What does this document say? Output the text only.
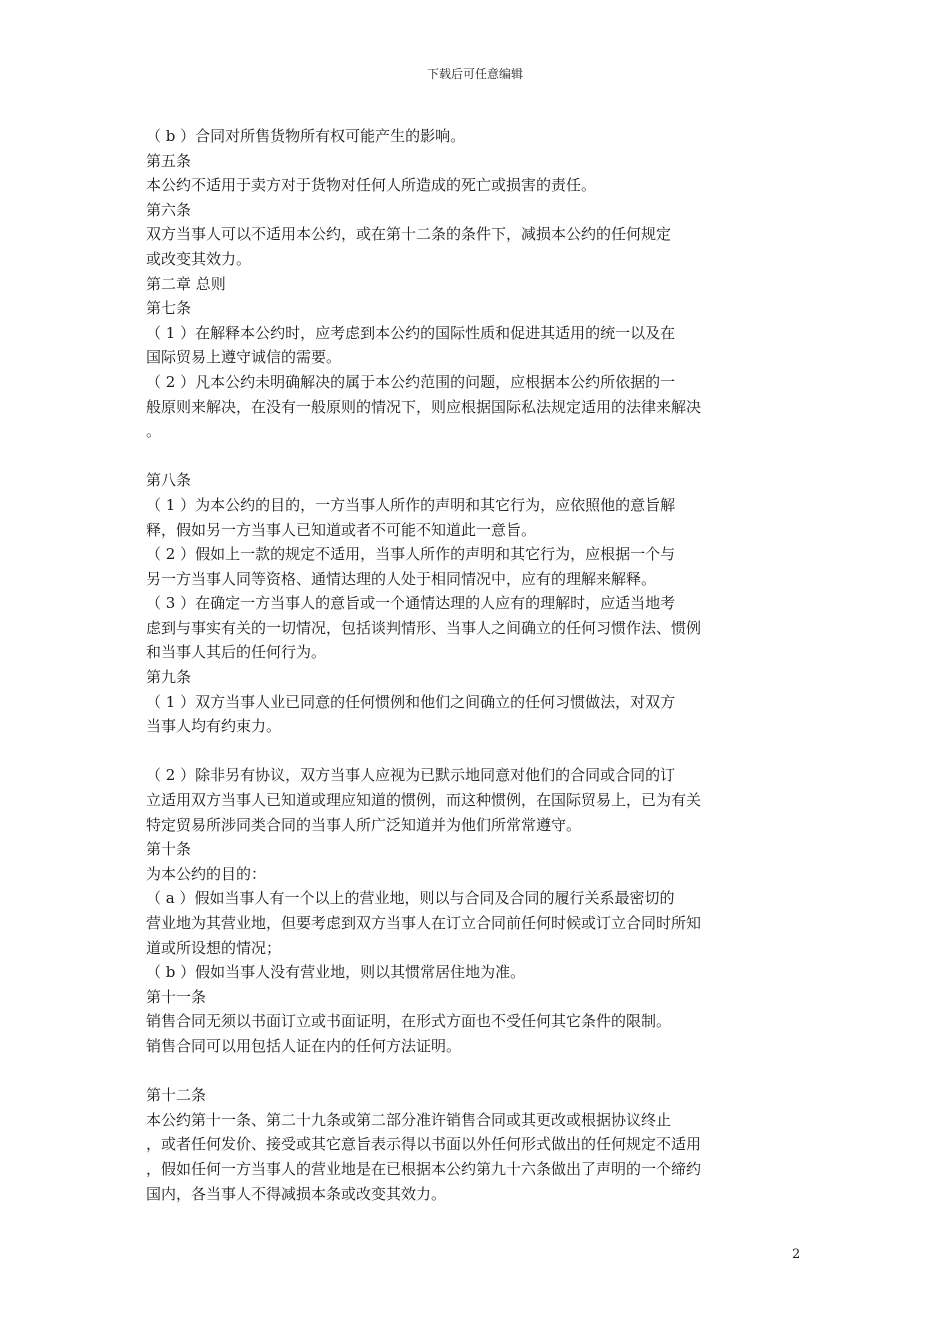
下载后可任意编辑
（ b ）合同对所售货物所有权可能产生的影响。
第五条
本公约不适用于卖方对于货物对任何人所造成的死亡或损害的责任。
第六条
双方当事人可以不适用本公约，或在第十二条的条件下，减损本公约的任何规定
或改变其效力。
第二章 总则
第七条
（ 1 ）在解释本公约时，应考虑到本公约的国际性质和促进其适用的统一以及在
国际贸易上遵守诚信的需要。
（ 2 ）凡本公约未明确解决的属于本公约范围的问题，应根据本公约所依据的一
般原则来解决，在没有一般原则的情况下，则应根据国际私法规定适用的法律来解决
。
第八条
（ 1 ）为本公约的目的，一方当事人所作的声明和其它行为，应依照他的意旨解
释，假如另一方当事人已知道或者不可能不知道此一意旨。
（ 2 ）假如上一款的规定不适用，当事人所作的声明和其它行为，应根据一个与
另一方当事人同等资格、通情达理的人处于相同情况中，应有的理解来解释。
（ 3 ）在确定一方当事人的意旨或一个通情达理的人应有的理解时，应适当地考
虑到与事实有关的一切情况，包括谈判情形、当事人之间确立的任何习惯作法、惯例
和当事人其后的任何行为。
第九条
（ 1 ）双方当事人业已同意的任何惯例和他们之间确立的任何习惯做法，对双方
当事人均有约束力。
（ 2 ）除非另有协议，双方当事人应视为已默示地同意对他们的合同或合同的订
立适用双方当事人已知道或理应知道的惯例，而这种惯例，在国际贸易上，已为有关
特定贸易所涉同类合同的当事人所广泛知道并为他们所常常遵守。
第十条
为本公约的目的：
（ a ）假如当事人有一个以上的营业地，则以与合同及合同的履行关系最密切的
营业地为其营业地，但要考虑到双方当事人在订立合同前任何时候或订立合同时所知
道或所设想的情况；
（ b ）假如当事人没有营业地，则以其惯常居住地为准。
第十一条
销售合同无须以书面订立或书面证明，在形式方面也不受任何其它条件的限制。
销售合同可以用包括人证在内的任何方法证明。
第十二条
本公约第十一条、第二十九条或第二部分准许销售合同或其更改或根据协议终止
，或者任何发价、接受或其它意旨表示得以书面以外任何形式做出的任何规定不适用
，假如任何一方当事人的营业地是在已根据本公约第九十六条做出了声明的一个缔约
国内，各当事人不得减损本条或改变其效力。
2
